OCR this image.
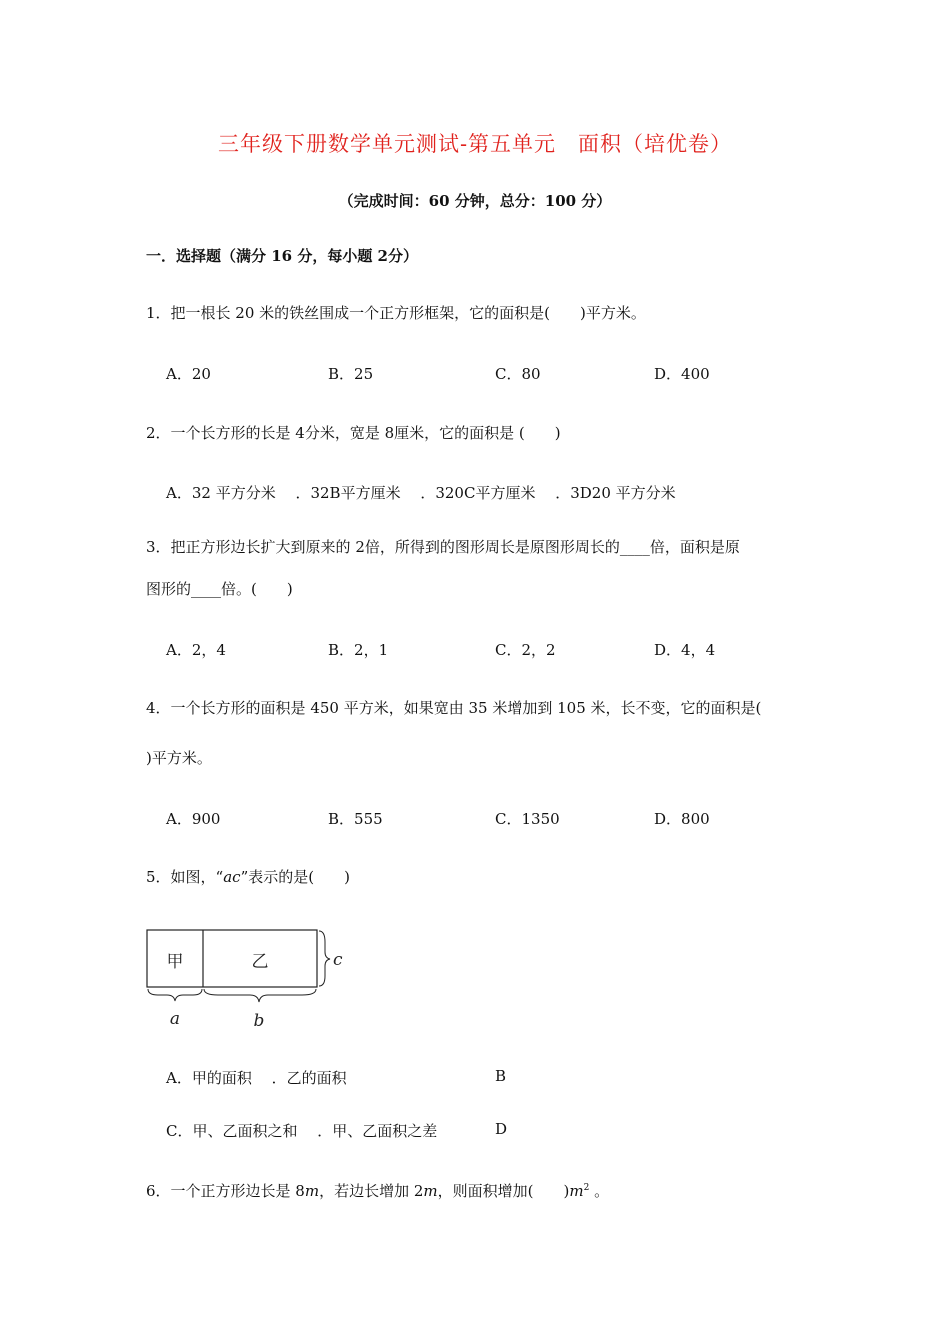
三年级下册数学单元测试-第五单元　面积（培优卷）
（完成时间：60 分钟，总分：100 分）
一．选择题（满分 16 分，每小题 2分）
1．把一根长 20 米的铁丝围成一个正方形框架，它的面积是(　　)平方米。
A．20	B．25	C．80	D．400
2．一个长方形的长是 4分米，宽是 8厘米，它的面积是 (　　)
A．32 平方分米 　．32B平方厘米 　．320C平方厘米 　．3D20 平方分米
3．把正方形边长扩大到原来的 2倍，所得到的图形周长是原图形周长的____倍，面积是原
图形的____倍。(　　)
A．2，4	B．2，1	C．2，2	D．4，4
4．一个长方形的面积是 450 平方米，如果宽由 35 米增加到 105 米，长不变，它的面积是(
)平方米。
A．900	B．555	C．1350	D．800
5．如图，“ac”表示的是(　　)
甲	乙	c
a	b
A．甲的面积 　．乙的面积	B
C．甲、乙面积之和 　．甲、乙面积之差	D
6．一个正方形边长是 8m，若边长增加 2m，则面积增加(　　)$m^2$ 。
